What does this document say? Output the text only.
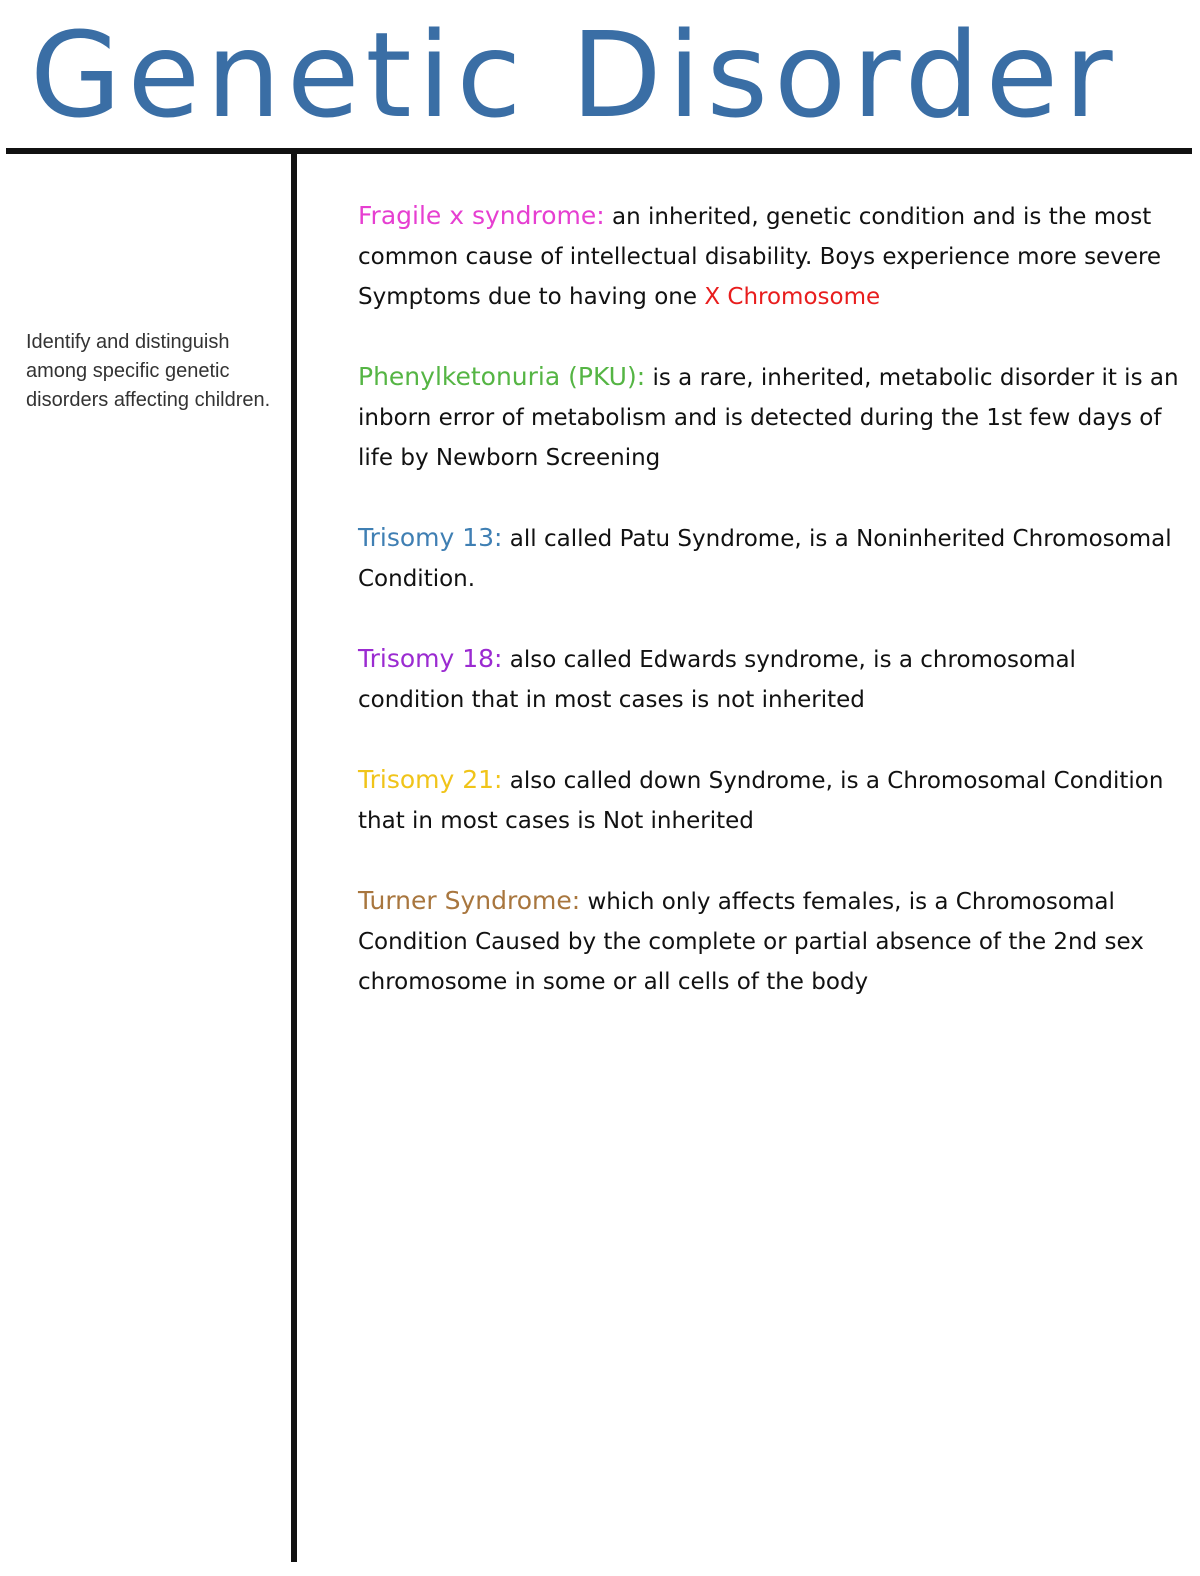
Genetic Disorder
Identify and distinguish among specific genetic disorders affecting children.
Fragile x syndrome: an inherited, genetic condition and is the most common cause of intellectual disability. Boys experience more severe Symptoms due to having one X Chromosome
Phenylketonuria (PKU): is a rare, inherited, metabolic disorder it is an inborn error of metabolism and is detected during the 1st few days of life by Newborn Screening
Trisomy 13: all called Patu Syndrome, is a Noninherited Chromosomal Condition.
Trisomy 18: also called Edwards syndrome, is a chromosomal condition that in most cases is not inherited
Trisomy 21: also called down Syndrome, is a Chromosomal Condition that in most cases is Not inherited
Turner Syndrome: which only affects females, is a Chromosomal Condition Caused by the complete or partial absence of the 2nd sex chromosome in some or all cells of the body
